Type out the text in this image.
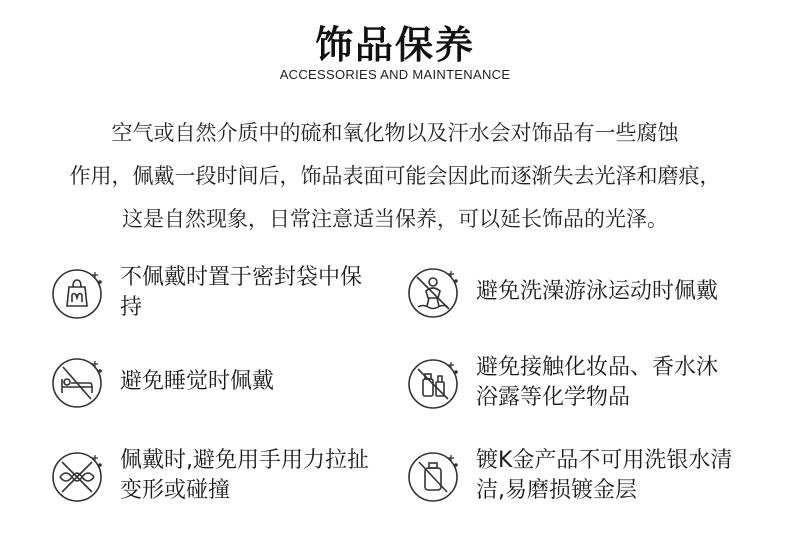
饰品保养
ACCESSORIES AND MAINTENANCE
空气或自然介质中的硫和氧化物以及汗水会对饰品有一些腐蚀
作用，佩戴一段时间后，饰品表面可能会因此而逐渐失去光泽和磨痕，
这是自然现象，日常注意适当保养，可以延长饰品的光泽。
不佩戴时置于密封袋中保持
避免洗澡游泳运动时佩戴
避免睡觉时佩戴
避免接触化妆品、香水沐浴露等化学物品
佩戴时,避免用手用力拉扯变形或碰撞
镀K金产品不可用洗银水清洁,易磨损镀金层
